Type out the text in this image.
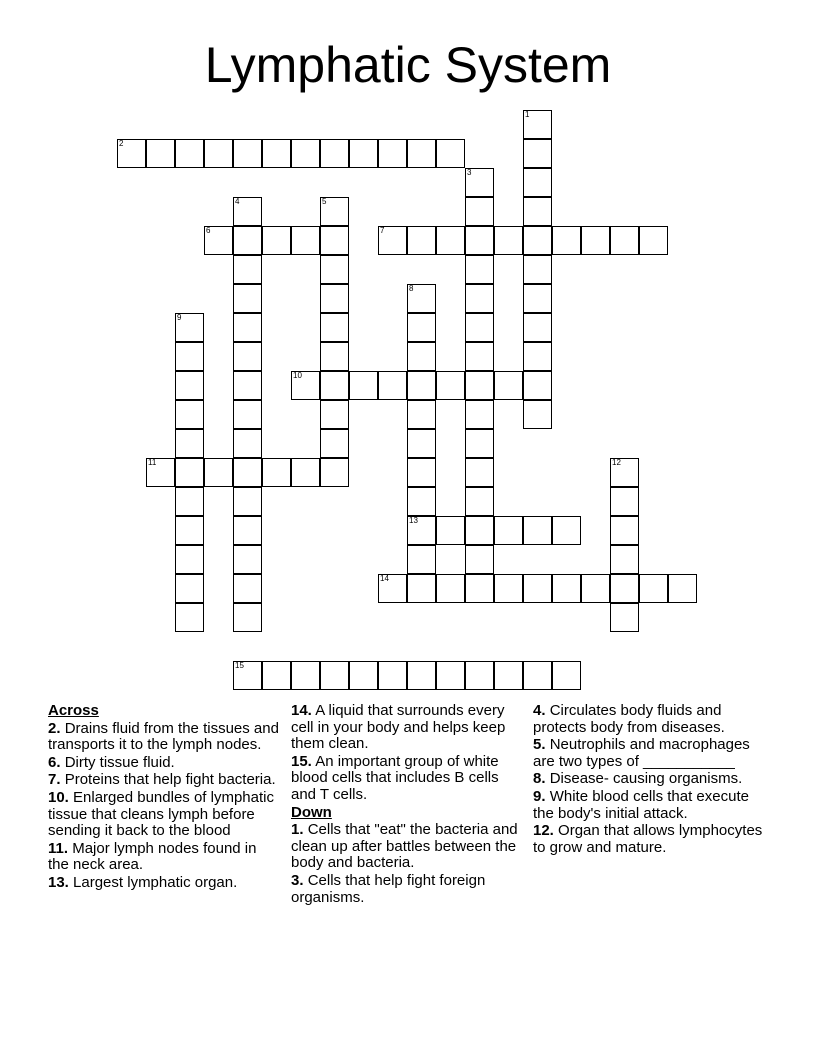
Lymphatic System
1
2
3
4	5
6	7
8
13
9
10
11	12
14
15
Across
2. Drains fluid from the tissues and transports it to the lymph nodes.
6. Dirty tissue fluid.
7. Proteins that help fight bacteria.
10. Enlarged bundles of lymphatic tissue that cleans lymph before sending it back to the blood
11. Major lymph nodes found in the neck area.
13. Largest lymphatic organ.
14. A liquid that surrounds every cell in your body and helps keep them clean.
15. An important group of white blood cells that includes B cells and T cells.
Down
1. Cells that "eat" the bacteria and clean up after battles between the body and bacteria.
3. Cells that help fight foreign organisms.
4. Circulates body fluids and protects body from diseases.
5. Neutrophils and macrophages are two types of ___________
8. Disease- causing organisms.
9. White blood cells that execute the body's initial attack.
12. Organ that allows lymphocytes to grow and mature.
